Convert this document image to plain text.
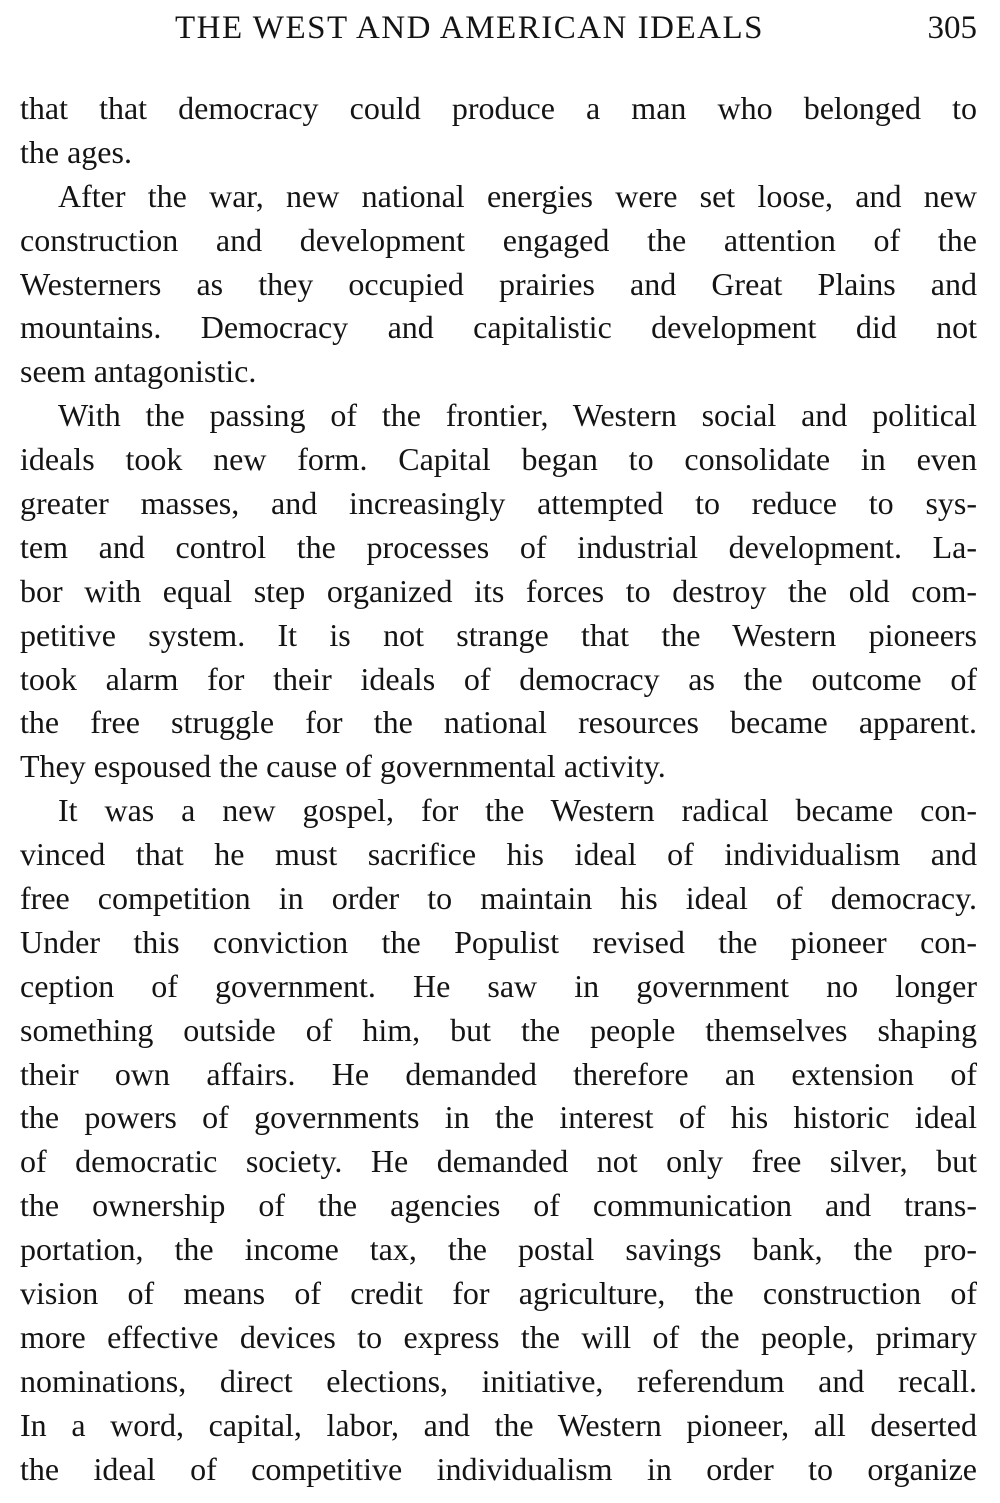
THE WEST AND AMERICAN IDEALS	305
that that democracy could produce a man who belonged to
the ages.
After the war, new national energies were set loose, and new
construction and development engaged the attention of the
Westerners as they occupied prairies and Great Plains and
mountains. Democracy and capitalistic development did not
seem antagonistic.
With the passing of the frontier, Western social and political
ideals took new form. Capital began to consolidate in even
greater masses, and increasingly attempted to reduce to sys-
tem and control the processes of industrial development. La-
bor with equal step organized its forces to destroy the old com-
petitive system. It is not strange that the Western pioneers
took alarm for their ideals of democracy as the outcome of
the free struggle for the national resources became apparent.
They espoused the cause of governmental activity.
It was a new gospel, for the Western radical became con-
vinced that he must sacrifice his ideal of individualism and
free competition in order to maintain his ideal of democracy.
Under this conviction the Populist revised the pioneer con-
ception of government. He saw in government no longer
something outside of him, but the people themselves shaping
their own affairs. He demanded therefore an extension of
the powers of governments in the interest of his historic ideal
of democratic society. He demanded not only free silver, but
the ownership of the agencies of communication and trans-
portation, the income tax, the postal savings bank, the pro-
vision of means of credit for agriculture, the construction of
more effective devices to express the will of the people, primary
nominations, direct elections, initiative, referendum and recall.
In a word, capital, labor, and the Western pioneer, all deserted
the ideal of competitive individualism in order to organize
